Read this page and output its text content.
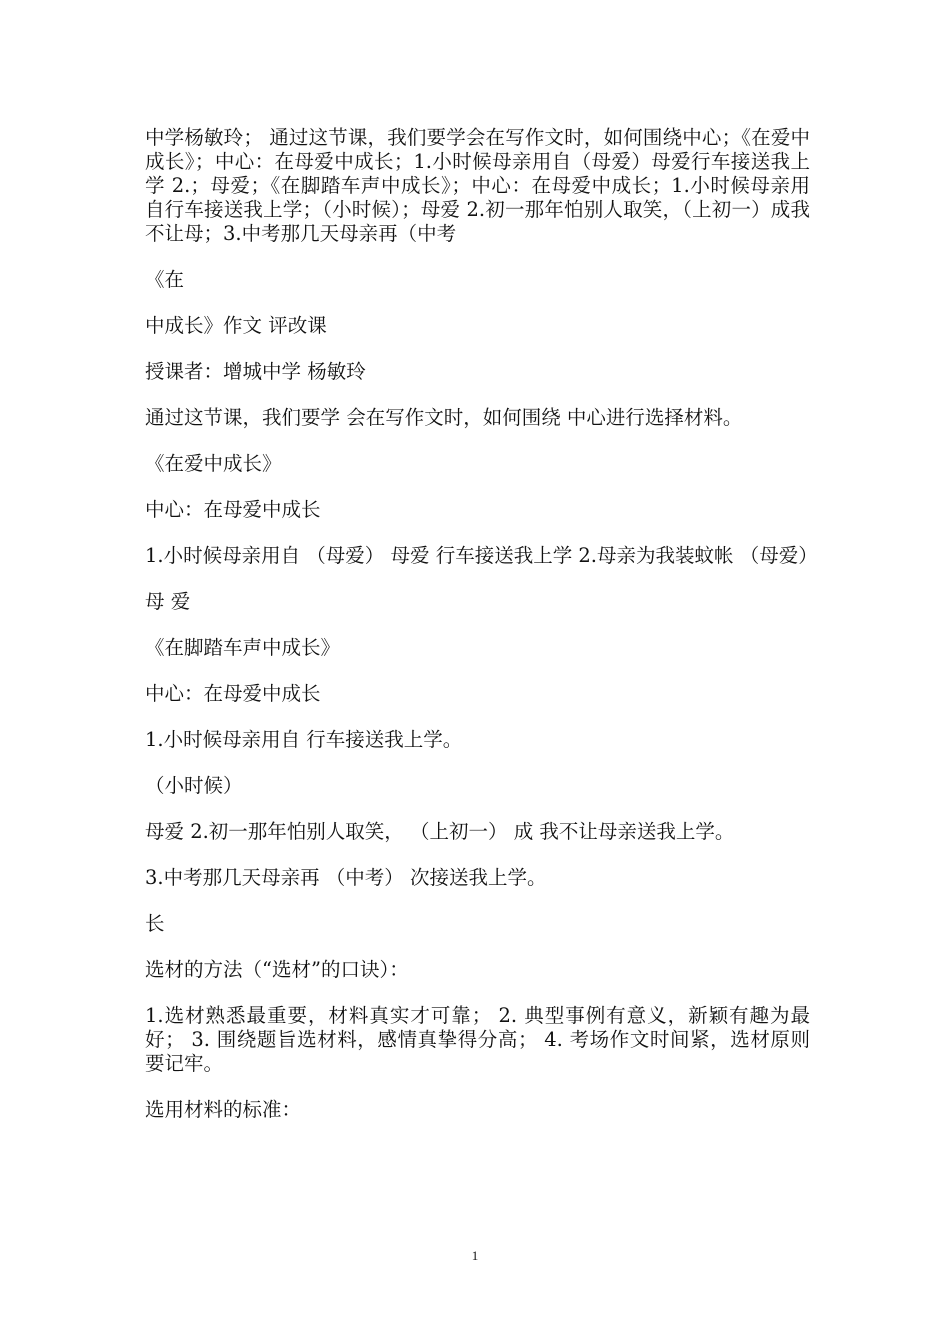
中学杨敏玲； 通过这节课，我们要学会在写作文时，如何围绕中心；《在爱中成长》；中心：在母爱中成长；1.小时候母亲用自（母爱）母爱行车接送我上学 2.；母爱；《在脚踏车声中成长》；中心：在母爱中成长；1.小时候母亲用自行车接送我上学；（小时候）；母爱 2.初一那年怕别人取笑，（上初一）成我不让母；3.中考那几天母亲再（中考

《在

中成长》作文 评改课

授课者：增城中学 杨敏玲

通过这节课，我们要学 会在写作文时，如何围绕 中心进行选择材料。

《在爱中成长》

中心：在母爱中成长

1.小时候母亲用自 （母爱） 母爱 行车接送我上学 2.母亲为我装蚊帐 （母爱）

母 爱

《在脚踏车声中成长》

中心：在母爱中成长

1.小时候母亲用自 行车接送我上学。

（小时候）

母爱 2.初一那年怕别人取笑， （上初一） 成 我不让母亲送我上学。

3.中考那几天母亲再 （中考） 次接送我上学。

长

选材的方法（“选材”的口诀）：

1.选材熟悉最重要，材料真实才可靠； 2. 典型事例有意义，新颖有趣为最好； 3. 围绕题旨选材料，感情真挚得分高； 4. 考场作文时间紧，选材原则要记牢。

选用材料的标准：

1
